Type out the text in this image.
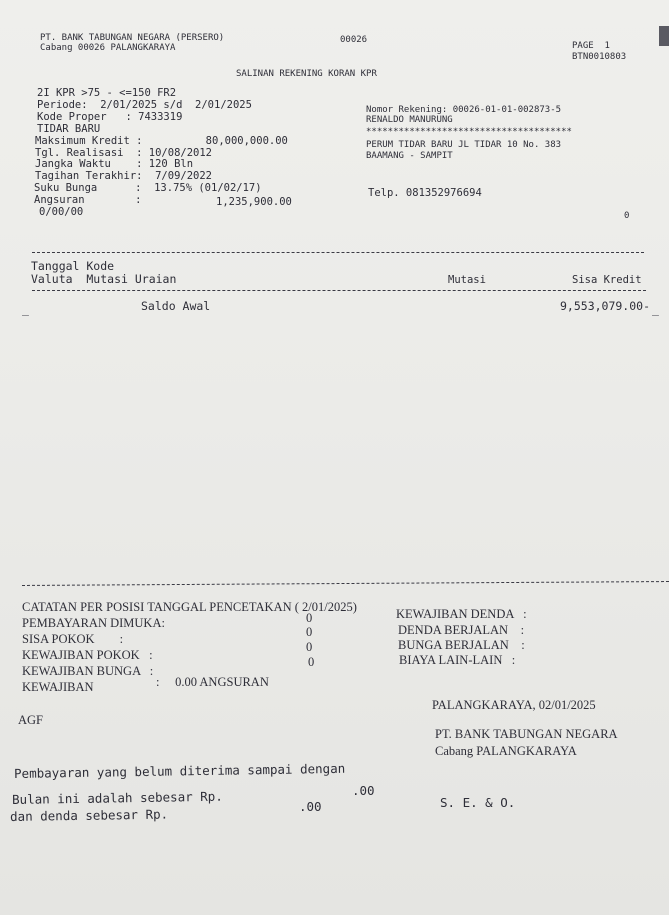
PT. BANK TABUNGAN NEGARA (PERSERO)
Cabang 00026 PALANGKARAYA
00026
PAGE  1
BTN0010803
SALINAN REKENING KORAN KPR
2I KPR >75 - <=150 FR2
Periode:  2/01/2025 s/d  2/01/2025
Kode Proper   : 7433319
TIDAR BARU
Maksimum Kredit :          80,000,000.00
Tgl. Realisasi  : 10/08/2012
Jangka Waktu    : 120 Bln
Tagihan Terakhir:  7/09/2022
Suku Bunga      :  13.75% (01/02/17)
Angsuran        :	1,235,900.00
0/00/00
Nomor Rekening: 00026-01-01-002873-5
RENALDO MANURUNG
**************************************
PERUM TIDAR BARU JL TIDAR 10 No. 383
BAAMANG - SAMPIT
Telp. 081352976694
0
Tanggal Kode
Valuta  Mutasi Uraian	Mutasi	Sisa Kredit
_	Saldo Awal	9,553,079.00- _
CATATAN PER POSISI TANGGAL PENCETAKAN ( 2/01/2025)
PEMBAYARAN DIMUKA:	0
SISA POKOK        :	0
KEWAJIBAN POKOK   :
0
KEWAJIBAN BUNGA   :
0
KEWAJIBAN	:     0.00 ANGSURAN
KEWAJIBAN DENDA   :
DENDA BERJALAN    :
BUNGA BERJALAN    :
BIAYA LAIN-LAIN   :
PALANGKARAYA, 02/01/2025
AGF
PT. BANK TABUNGAN NEGARA
Cabang PALANGKARAYA
Pembayaran yang belum diterima sampai dengan
.00
Bulan ini adalah sebesar Rp.
dan denda sebesar Rp.
.00	S. E. & O.
